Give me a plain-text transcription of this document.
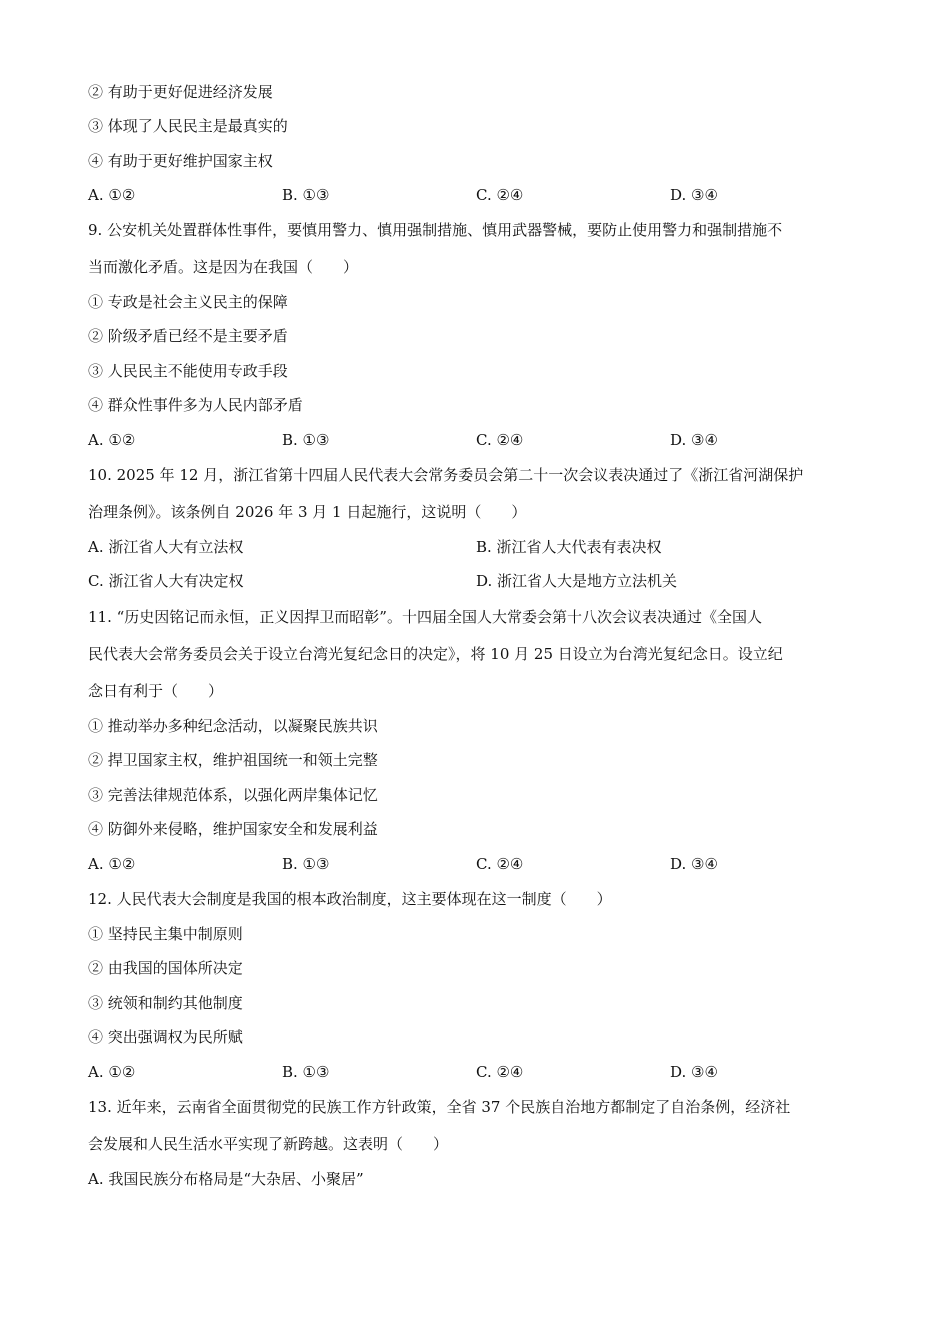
② 有助于更好促进经济发展
③ 体现了人民民主是最真实的
④ 有助于更好维护国家主权
A. ①②	B. ①③	C. ②④	D. ③④
9. 公安机关处置群体性事件，要慎用警力、慎用强制措施、慎用武器警械，要防止使用警力和强制措施不
当而激化矛盾。这是因为在我国（　　）
① 专政是社会主义民主的保障
② 阶级矛盾已经不是主要矛盾
③ 人民民主不能使用专政手段
④ 群众性事件多为人民内部矛盾
A. ①②	B. ①③	C. ②④	D. ③④
10. 2025 年 12 月，浙江省第十四届人民代表大会常务委员会第二十一次会议表决通过了《浙江省河湖保护
治理条例》。该条例自 2026 年 3 月 1 日起施行，这说明（　　）
A. 浙江省人大有立法权	B. 浙江省人大代表有表决权
C. 浙江省人大有决定权	D. 浙江省人大是地方立法机关
11. “历史因铭记而永恒，正义因捍卫而昭彰”。十四届全国人大常委会第十八次会议表决通过《全国人
民代表大会常务委员会关于设立台湾光复纪念日的决定》，将 10 月 25 日设立为台湾光复纪念日。设立纪
念日有利于（　　）
① 推动举办多种纪念活动，以凝聚民族共识
② 捍卫国家主权，维护祖国统一和领土完整
③ 完善法律规范体系，以强化两岸集体记忆
④ 防御外来侵略，维护国家安全和发展利益
A. ①②	B. ①③	C. ②④	D. ③④
12. 人民代表大会制度是我国的根本政治制度，这主要体现在这一制度（　　）
① 坚持民主集中制原则
② 由我国的国体所决定
③ 统领和制约其他制度
④ 突出强调权为民所赋
A. ①②	B. ①③	C. ②④	D. ③④
13. 近年来，云南省全面贯彻党的民族工作方针政策，全省 37 个民族自治地方都制定了自治条例，经济社
会发展和人民生活水平实现了新跨越。这表明（　　）
A. 我国民族分布格局是“大杂居、小聚居”
